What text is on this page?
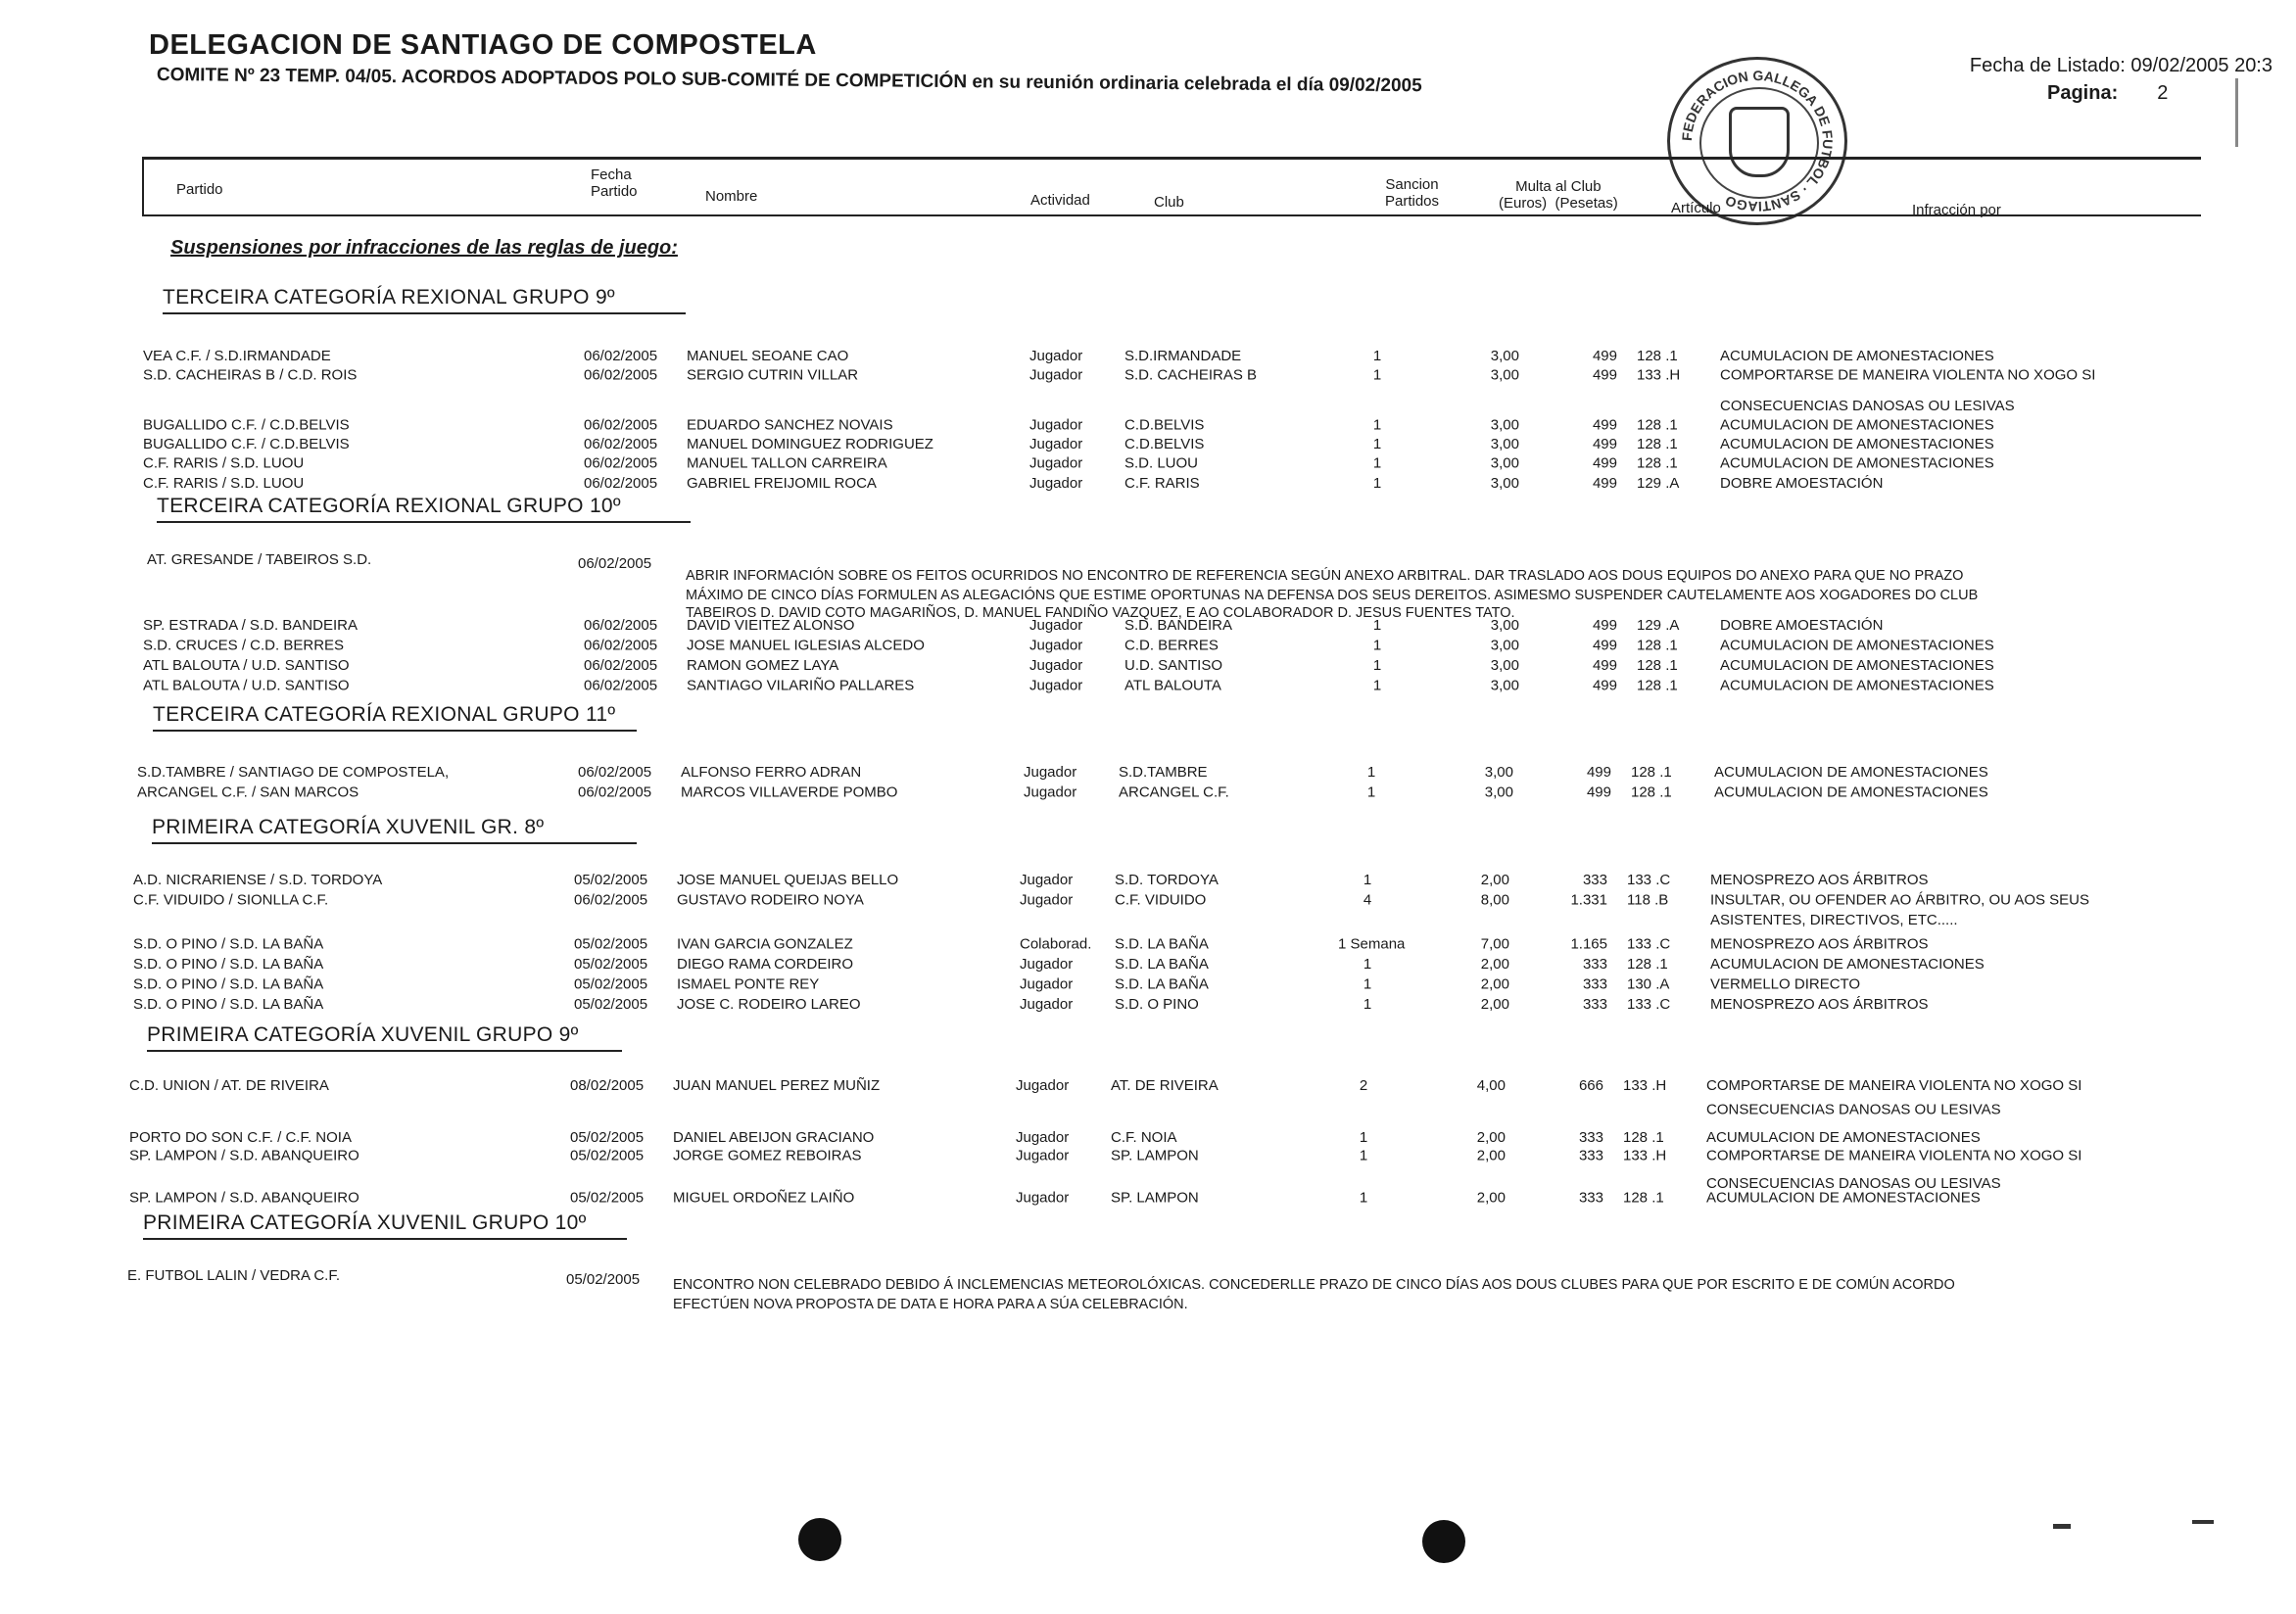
DELEGACION DE SANTIAGO DE COMPOSTELA
COMITE Nº 23 TEMP. 04/05. ACORDOS ADOPTADOS POLO SUB-COMITÉ DE COMPETICIÓN en su reunión ordinaria celebrada el día 09/02/2005	Fecha de Listado: 09/02/2005 20:3
Pagina: 2
FEDERACION GALLEGA DE FUTBOL · SANTIAGO
Partido
Fecha
Partido	Nombre	Actividad	Club
Sancion
Partidos
Multa al Club
(Euros)  (Pesetas)	Artículo	Infracción por
Suspensiones por infracciones de las reglas de juego:
TERCEIRA CATEGORÍA REXIONAL GRUPO 9º
VEA C.F. / S.D.IRMANDADE	06/02/2005 MANUEL SEOANE CAO	Jugador	S.D.IRMANDADE	1	3,00	499 128 .1	ACUMULACION DE AMONESTACIONES
S.D. CACHEIRAS B / C.D. ROIS	06/02/2005 SERGIO CUTRIN VILLAR	Jugador	S.D. CACHEIRAS B	1	3,00	499 133 .H	COMPORTARSE DE MANEIRA VIOLENTA NO XOGO SI
CONSECUENCIAS DANOSAS OU LESIVAS
BUGALLIDO C.F. / C.D.BELVIS	06/02/2005 EDUARDO SANCHEZ NOVAIS	Jugador	C.D.BELVIS	1	3,00	499 128 .1	ACUMULACION DE AMONESTACIONES
BUGALLIDO C.F. / C.D.BELVIS	06/02/2005 MANUEL DOMINGUEZ RODRIGUEZ	Jugador	C.D.BELVIS	1	3,00	499 128 .1	ACUMULACION DE AMONESTACIONES
C.F. RARIS / S.D. LUOU	06/02/2005 MANUEL TALLON CARREIRA	Jugador	S.D. LUOU	1	3,00	499 128 .1	ACUMULACION DE AMONESTACIONES
C.F. RARIS / S.D. LUOU	06/02/2005 GABRIEL FREIJOMIL ROCA	Jugador	C.F. RARIS	1	3,00	499 129 .A	DOBRE AMOESTACIÓN
TERCEIRA CATEGORÍA REXIONAL GRUPO 10º
AT. GRESANDE / TABEIROS S.D.	06/02/2005
ABRIR INFORMACIÓN SOBRE OS FEITOS OCURRIDOS NO ENCONTRO DE REFERENCIA SEGÚN ANEXO ARBITRAL. DAR TRASLADO AOS DOUS EQUIPOS DO ANEXO PARA QUE NO PRAZO
MÁXIMO DE CINCO DÍAS FORMULEN AS ALEGACIÓNS QUE ESTIME OPORTUNAS NA DEFENSA DOS SEUS DEREITOS. ASIMESMO SUSPENDER CAUTELAMENTE AOS XOGADORES DO CLUB
TABEIROS D. DAVID COTO MAGARIÑOS, D. MANUEL FANDIÑO VAZQUEZ, E AO COLABORADOR D. JESUS FUENTES TATO.
SP. ESTRADA / S.D. BANDEIRA	06/02/2005 DAVID VIEITEZ ALONSO	Jugador	S.D. BANDEIRA	1	3,00	499 129 .A	DOBRE AMOESTACIÓN
S.D. CRUCES / C.D. BERRES	06/02/2005 JOSE MANUEL IGLESIAS ALCEDO	Jugador	C.D. BERRES	1	3,00	499 128 .1	ACUMULACION DE AMONESTACIONES
ATL BALOUTA / U.D. SANTISO	06/02/2005 RAMON GOMEZ LAYA	Jugador	U.D. SANTISO	1	3,00	499 128 .1	ACUMULACION DE AMONESTACIONES
ATL BALOUTA / U.D. SANTISO	06/02/2005 SANTIAGO VILARIÑO PALLARES	Jugador	ATL BALOUTA	1	3,00	499 128 .1	ACUMULACION DE AMONESTACIONES
TERCEIRA CATEGORÍA REXIONAL GRUPO 11º
S.D.TAMBRE / SANTIAGO DE COMPOSTELA,	06/02/2005 ALFONSO FERRO ADRAN	Jugador	S.D.TAMBRE	1	3,00	499 128 .1	ACUMULACION DE AMONESTACIONES
ARCANGEL C.F. / SAN MARCOS	06/02/2005 MARCOS VILLAVERDE POMBO	Jugador	ARCANGEL C.F.	1	3,00	499 128 .1	ACUMULACION DE AMONESTACIONES
PRIMEIRA CATEGORÍA XUVENIL GR. 8º
A.D. NICRARIENSE / S.D. TORDOYA	05/02/2005 JOSE MANUEL QUEIJAS BELLO	Jugador	S.D. TORDOYA	1	2,00	333 133 .C	MENOSPREZO AOS ÁRBITROS
C.F. VIDUIDO / SIONLLA C.F.	06/02/2005 GUSTAVO RODEIRO NOYA	Jugador	C.F. VIDUIDO	4	8,00	1.331 118 .B	INSULTAR, OU OFENDER AO ÁRBITRO, OU AOS SEUS
ASISTENTES, DIRECTIVOS, ETC.....
S.D. O PINO / S.D. LA BAÑA	05/02/2005 IVAN GARCIA GONZALEZ	Colaborad. S.D. LA BAÑA	1 Semana	7,00	1.165 133 .C	MENOSPREZO AOS ÁRBITROS
S.D. O PINO / S.D. LA BAÑA	05/02/2005 DIEGO RAMA CORDEIRO	Jugador	S.D. LA BAÑA	1	2,00	333 128 .1	ACUMULACION DE AMONESTACIONES
S.D. O PINO / S.D. LA BAÑA	05/02/2005 ISMAEL PONTE REY	Jugador	S.D. LA BAÑA	1	2,00	333 130 .A	VERMELLO DIRECTO
S.D. O PINO / S.D. LA BAÑA	05/02/2005 JOSE C. RODEIRO LAREO	Jugador	S.D. O PINO	1	2,00	333 133 .C	MENOSPREZO AOS ÁRBITROS
PRIMEIRA CATEGORÍA XUVENIL GRUPO 9º
C.D. UNION / AT. DE RIVEIRA	08/02/2005 JUAN MANUEL PEREZ MUÑIZ	Jugador	AT. DE RIVEIRA	2	4,00	666 133 .H	COMPORTARSE DE MANEIRA VIOLENTA NO XOGO SI
CONSECUENCIAS DANOSAS OU LESIVAS
PORTO DO SON C.F. / C.F. NOIA	05/02/2005 DANIEL ABEIJON GRACIANO	Jugador	C.F. NOIA	1	2,00	333 128 .1	ACUMULACION DE AMONESTACIONES
SP. LAMPON / S.D. ABANQUEIRO	05/02/2005 JORGE GOMEZ REBOIRAS	Jugador	SP. LAMPON	1	2,00	333 133 .H	COMPORTARSE DE MANEIRA VIOLENTA NO XOGO SI
CONSECUENCIAS DANOSAS OU LESIVAS
SP. LAMPON / S.D. ABANQUEIRO	05/02/2005 MIGUEL ORDOÑEZ LAIÑO	Jugador	SP. LAMPON	1	2,00	333 128 .1	ACUMULACION DE AMONESTACIONES
PRIMEIRA CATEGORÍA XUVENIL GRUPO 10º
E. FUTBOL LALIN / VEDRA C.F.	05/02/2005 ENCONTRO NON CELEBRADO DEBIDO Á INCLEMENCIAS METEOROLÓXICAS. CONCEDERLLE PRAZO DE CINCO DÍAS AOS DOUS CLUBES PARA QUE POR ESCRITO E DE COMÚN ACORDO
EFECTÚEN NOVA PROPOSTA DE DATA E HORA PARA A SÚA CELEBRACIÓN.
